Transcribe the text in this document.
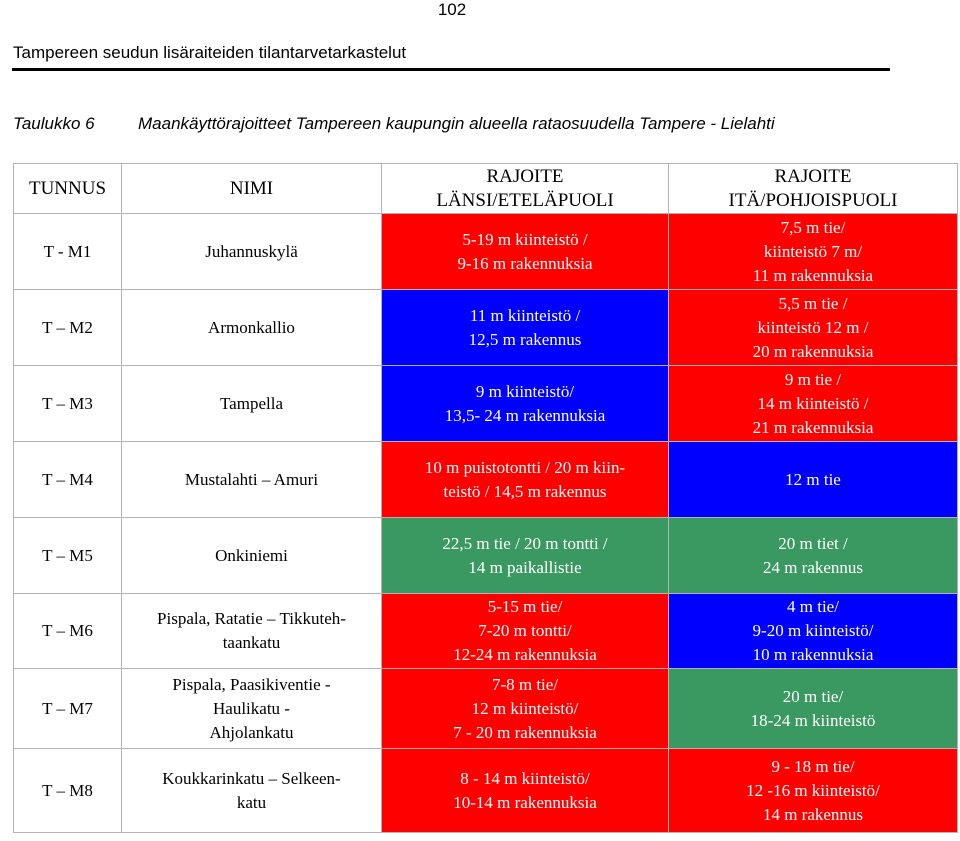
102
Tampereen seudun lisäraiteiden tilantarvetarkastelut
Taulukko 6	Maankäyttörajoitteet Tampereen kaupungin alueella rataosuudella Tampere - Lielahti
TUNNUS	NIMI	RAJOITE
LÄNSI/ETELÄPUOLI	RAJOITE
ITÄ/POHJOISPUOLI

T - M1	Juhannuskylä	5-19 m kiinteistö /
9-16 m rakennuksia	7,5 m tie/
kiinteistö 7 m/
11 m rakennuksia

T – M2	Armonkallio	11 m kiinteistö /
12,5 m rakennus	5,5 m tie /
kiinteistö 12 m /
20 m rakennuksia

T – M3	Tampella	9 m kiinteistö/
13,5- 24 m rakennuksia	9 m tie /
14 m kiinteistö /
21 m rakennuksia

T – M4	Mustalahti – Amuri	10 m puistotontti / 20 m kiin-
teistö / 14,5 m rakennus	12 m tie

T – M5	Onkiniemi	22,5 m tie / 20 m tontti /
14 m paikallistie	20 m tiet /
24 m rakennus

T – M6	Pispala, Ratatie – Tikkuteh-
taankatu	5-15 m tie/
7-20 m tontti/
12-24 m rakennuksia	4 m tie/
9-20 m kiinteistö/
10 m rakennuksia

T – M7	Pispala, Paasikiventie -
Haulikatu -
Ahjolankatu	7-8 m tie/
12 m kiinteistö/
7 - 20 m rakennuksia	20 m tie/
18-24 m kiinteistö

T – M8	Koukkarinkatu – Selkeen-
katu	8 - 14 m kiinteistö/
10-14 m rakennuksia	9 - 18 m tie/
12 -16 m kiinteistö/
14 m rakennus
